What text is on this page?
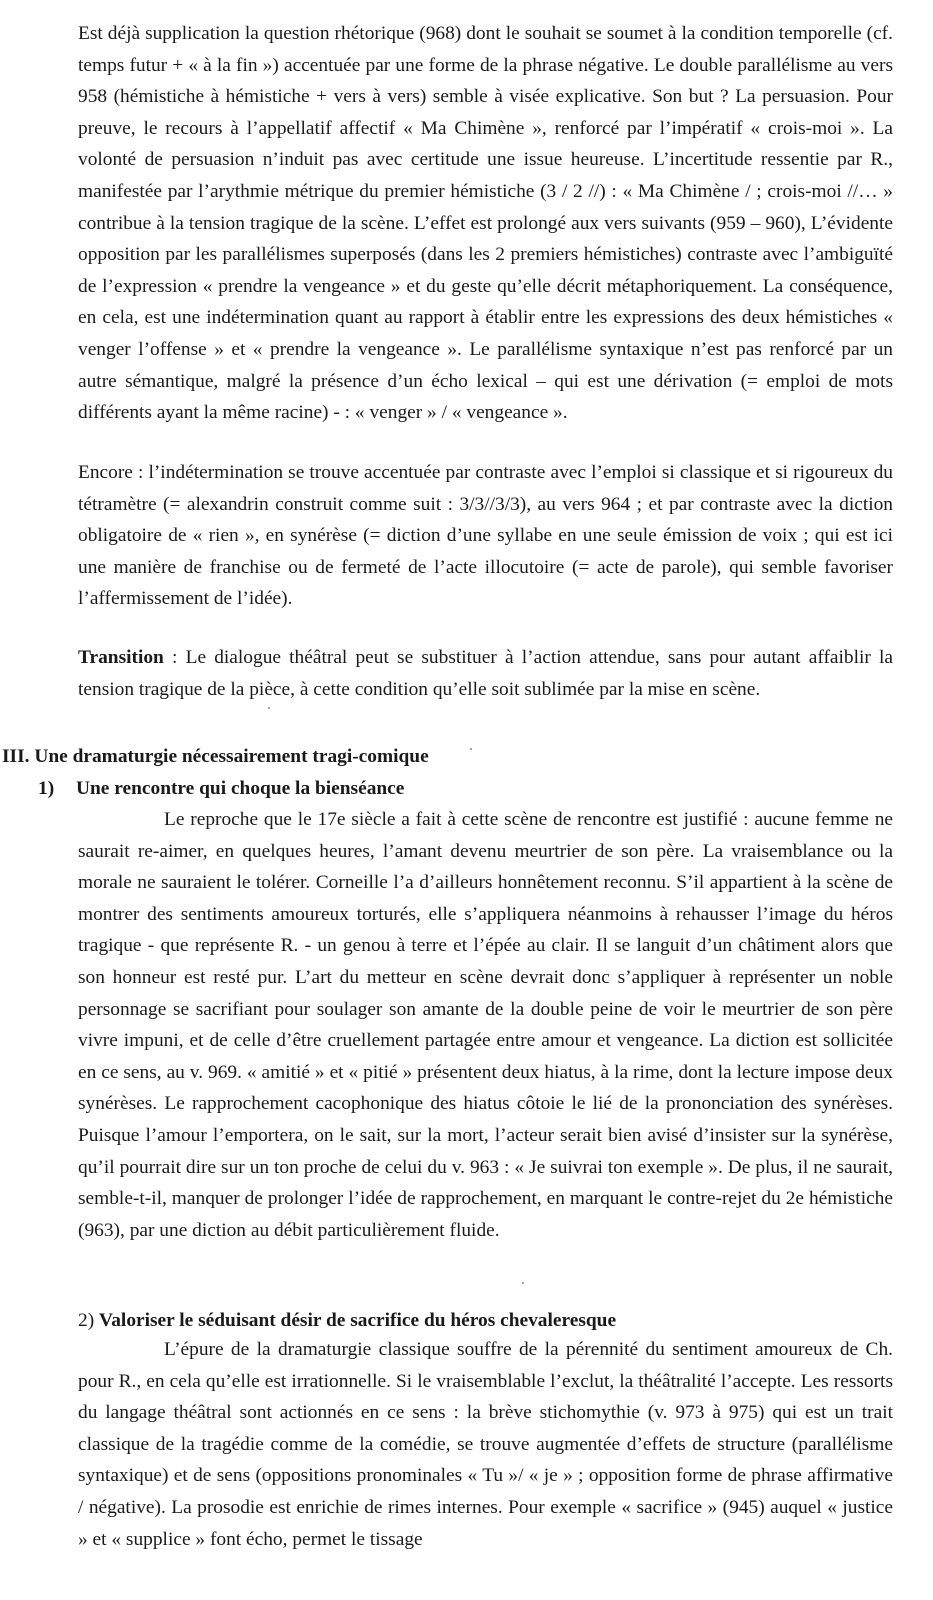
Est déjà supplication la question rhétorique (968) dont le souhait se soumet à la condition temporelle (cf. temps futur + « à la fin ») accentuée par une forme de la phrase négative. Le double parallélisme au vers 958 (hémistiche à hémistiche + vers à vers) semble à visée explicative. Son but ? La persuasion. Pour preuve, le recours à l’appellatif affectif « Ma Chimène », renforcé par l’impératif « crois-moi ». La volonté de persuasion n’induit pas avec certitude une issue heureuse. L’incertitude ressentie par R., manifestée par l’arythmie métrique du premier hémistiche (3 / 2 //) : « Ma Chimène / ; crois-moi //… » contribue à la tension tragique de la scène. L’effet est prolongé aux vers suivants (959 – 960), L’évidente opposition par les parallélismes superposés (dans les 2 premiers hémistiches) contraste avec l’ambiguïté de l’expression « prendre la vengeance » et du geste qu’elle décrit métaphoriquement. La conséquence, en cela, est une indétermination quant au rapport à établir entre les expressions des deux hémistiches « venger l’offense » et « prendre la vengeance ». Le parallélisme syntaxique n’est pas renforcé par un autre sémantique, malgré la présence d’un écho lexical – qui est une dérivation (= emploi de mots différents ayant la même racine) - : « venger » / « vengeance ».

Encore : l’indétermination se trouve accentuée par contraste avec l’emploi si classique et si rigoureux du tétramètre (= alexandrin construit comme suit : 3/3//3/3), au vers 964 ; et par contraste avec la diction obligatoire de « rien », en synérèse (= diction d’une syllabe en une seule émission de voix ; qui est ici une manière de franchise ou de fermeté de l’acte illocutoire (= acte de parole), qui semble favoriser l’affermissement de l’idée).

Transition : Le dialogue théâtral peut se substituer à l’action attendue, sans pour autant affaiblir la tension tragique de la pièce, à cette condition qu’elle soit sublimée par la mise en scène.

III. Une dramaturgie nécessairement tragi-comique
1) Une rencontre qui choque la bienséance

Le reproche que le 17e siècle a fait à cette scène de rencontre est justifié : aucune femme ne saurait re-aimer, en quelques heures, l’amant devenu meurtrier de son père. La vraisemblance ou la morale ne sauraient le tolérer. Corneille l’a d’ailleurs honnêtement reconnu. S’il appartient à la scène de montrer des sentiments amoureux torturés, elle s’appliquera néanmoins à rehausser l’image du héros tragique - que représente R. - un genou à terre et l’épée au clair. Il se languit d’un châtiment alors que son honneur est resté pur. L’art du metteur en scène devrait donc s’appliquer à représenter un noble personnage se sacrifiant pour soulager son amante de la double peine de voir le meurtrier de son père vivre impuni, et de celle d’être cruellement partagée entre amour et vengeance. La diction est sollicitée en ce sens, au v. 969. « amitié » et « pitié » présentent deux hiatus, à la rime, dont la lecture impose deux synérèses. Le rapprochement cacophonique des hiatus côtoie le lié de la prononciation des synérèses. Puisque l’amour l’emportera, on le sait, sur la mort, l’acteur serait bien avisé d’insister sur la synérèse, qu’il pourrait dire sur un ton proche de celui du v. 963 : « Je suivrai ton exemple ». De plus, il ne saurait, semble-t-il, manquer de prolonger l’idée de rapprochement, en marquant le contre-rejet du 2e hémistiche (963), par une diction au débit particulièrement fluide.

2) Valoriser le séduisant désir de sacrifice du héros chevaleresque

L’épure de la dramaturgie classique souffre de la pérennité du sentiment amoureux de Ch. pour R., en cela qu’elle est irrationnelle. Si le vraisemblable l’exclut, la théâtralité l’accepte. Les ressorts du langage théâtral sont actionnés en ce sens : la brève stichomythie (v. 973 à 975) qui est un trait classique de la tragédie comme de la comédie, se trouve augmentée d’effets de structure (parallélisme syntaxique) et de sens (oppositions pronominales « Tu »/ « je » ; opposition forme de phrase affirmative / négative). La prosodie est enrichie de rimes internes. Pour exemple « sacrifice » (945) auquel « justice » et « supplice » font écho, permet le tissage
